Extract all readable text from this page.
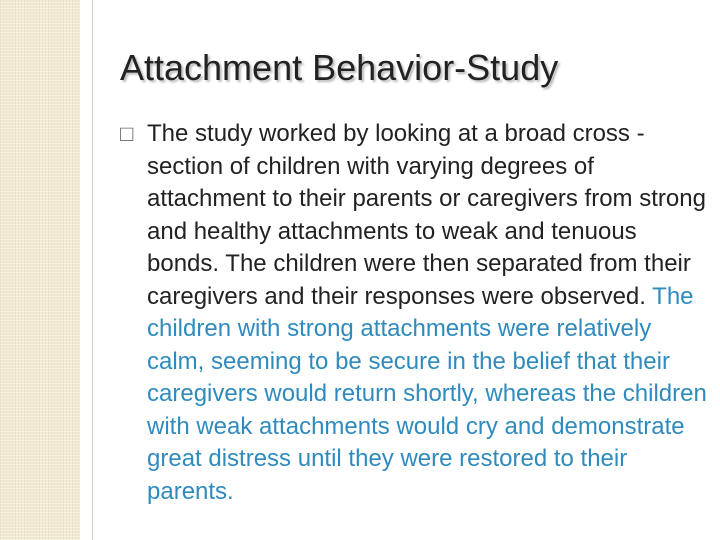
Attachment Behavior-Study
□ The study worked by looking at a broad cross -section of children with varying degrees of attachment to their parents or caregivers from strong and healthy attachments to weak and tenuous bonds. The children were then separated from their caregivers and their responses were observed. The children with strong attachments were relatively calm, seeming to be secure in the belief that their caregivers would return shortly, whereas the children with weak attachments would cry and demonstrate great distress until they were restored to their parents.
